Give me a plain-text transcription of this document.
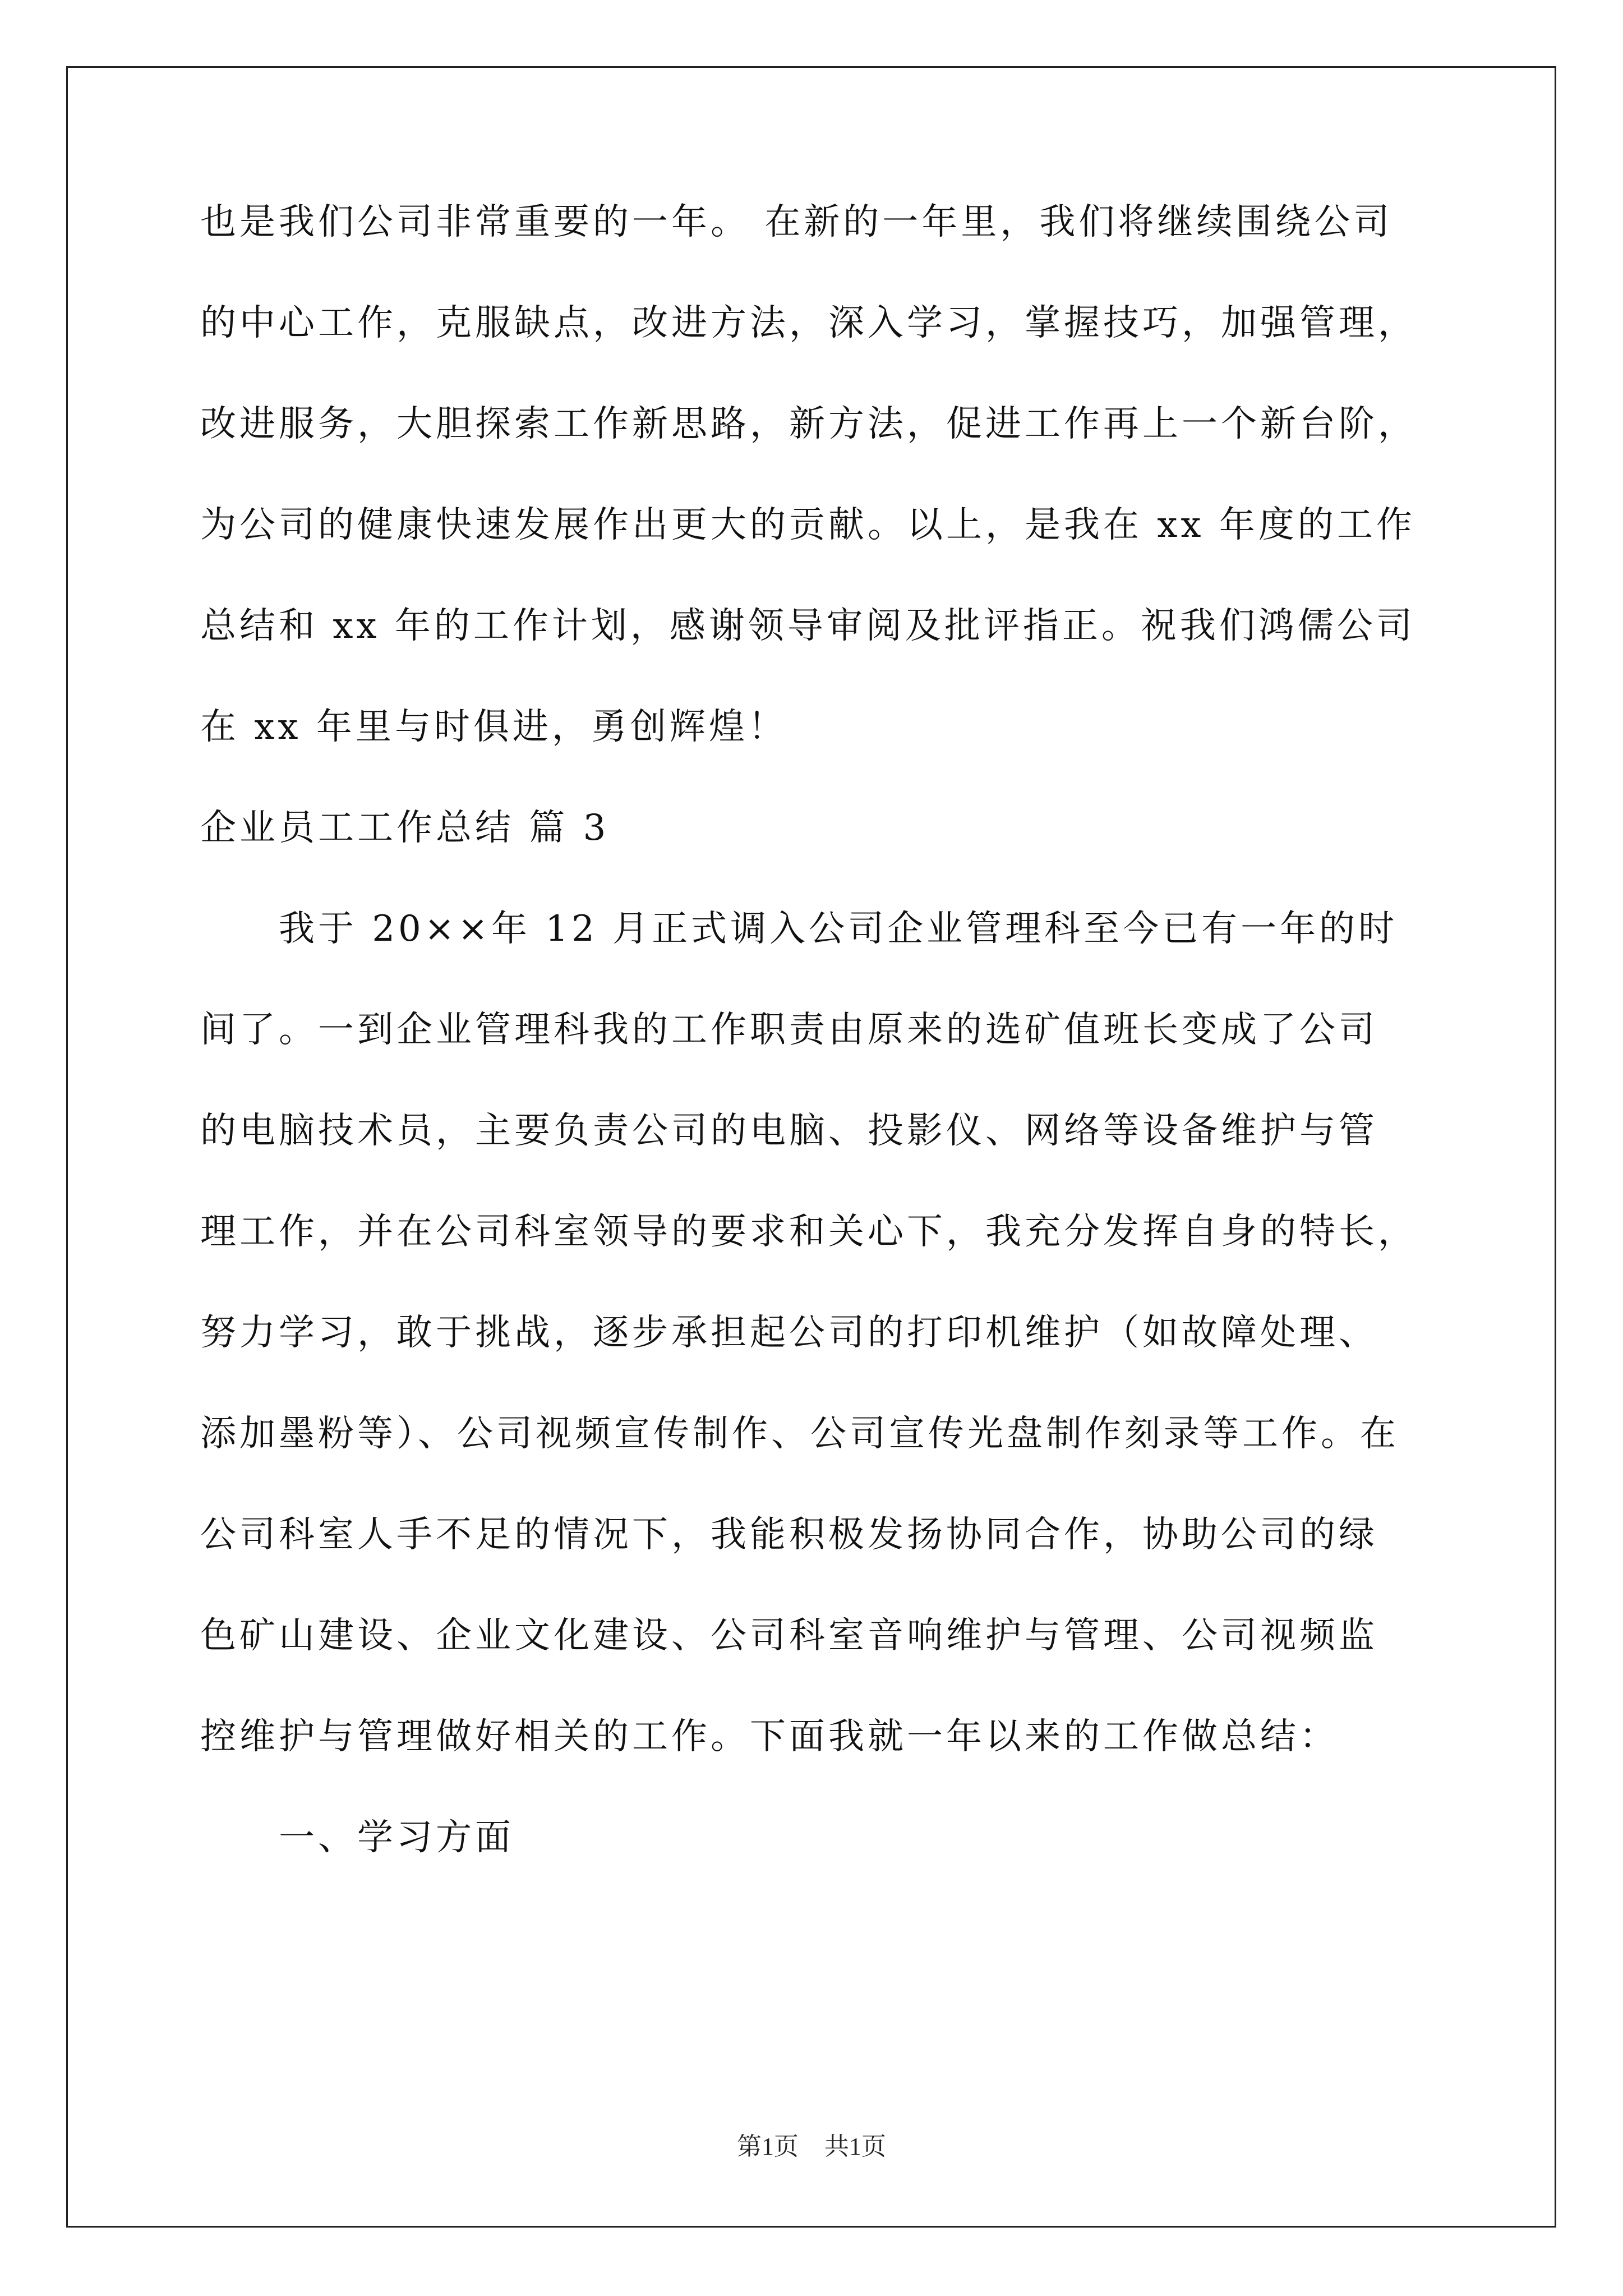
也是我们公司非常重要的一年。 在新的一年里，我们将继续围绕公司
的中心工作，克服缺点，改进方法，深入学习，掌握技巧，加强管理，
改进服务，大胆探索工作新思路，新方法，促进工作再上一个新台阶，
为公司的健康快速发展作出更大的贡献。以上，是我在 xx 年度的工作
总结和 xx 年的工作计划，感谢领导审阅及批评指正。祝我们鸿儒公司
在 xx 年里与时俱进，勇创辉煌！
企业员工工作总结 篇 3
我于 20××年 12 月正式调入公司企业管理科至今已有一年的时
间了。一到企业管理科我的工作职责由原来的选矿值班长变成了公司
的电脑技术员，主要负责公司的电脑、投影仪、网络等设备维护与管
理工作，并在公司科室领导的要求和关心下，我充分发挥自身的特长，
努力学习，敢于挑战，逐步承担起公司的打印机维护（如故障处理、
添加墨粉等）、公司视频宣传制作、公司宣传光盘制作刻录等工作。在
公司科室人手不足的情况下，我能积极发扬协同合作，协助公司的绿
色矿山建设、企业文化建设、公司科室音响维护与管理、公司视频监
控维护与管理做好相关的工作。下面我就一年以来的工作做总结：
一、学习方面
第1页 共1页
